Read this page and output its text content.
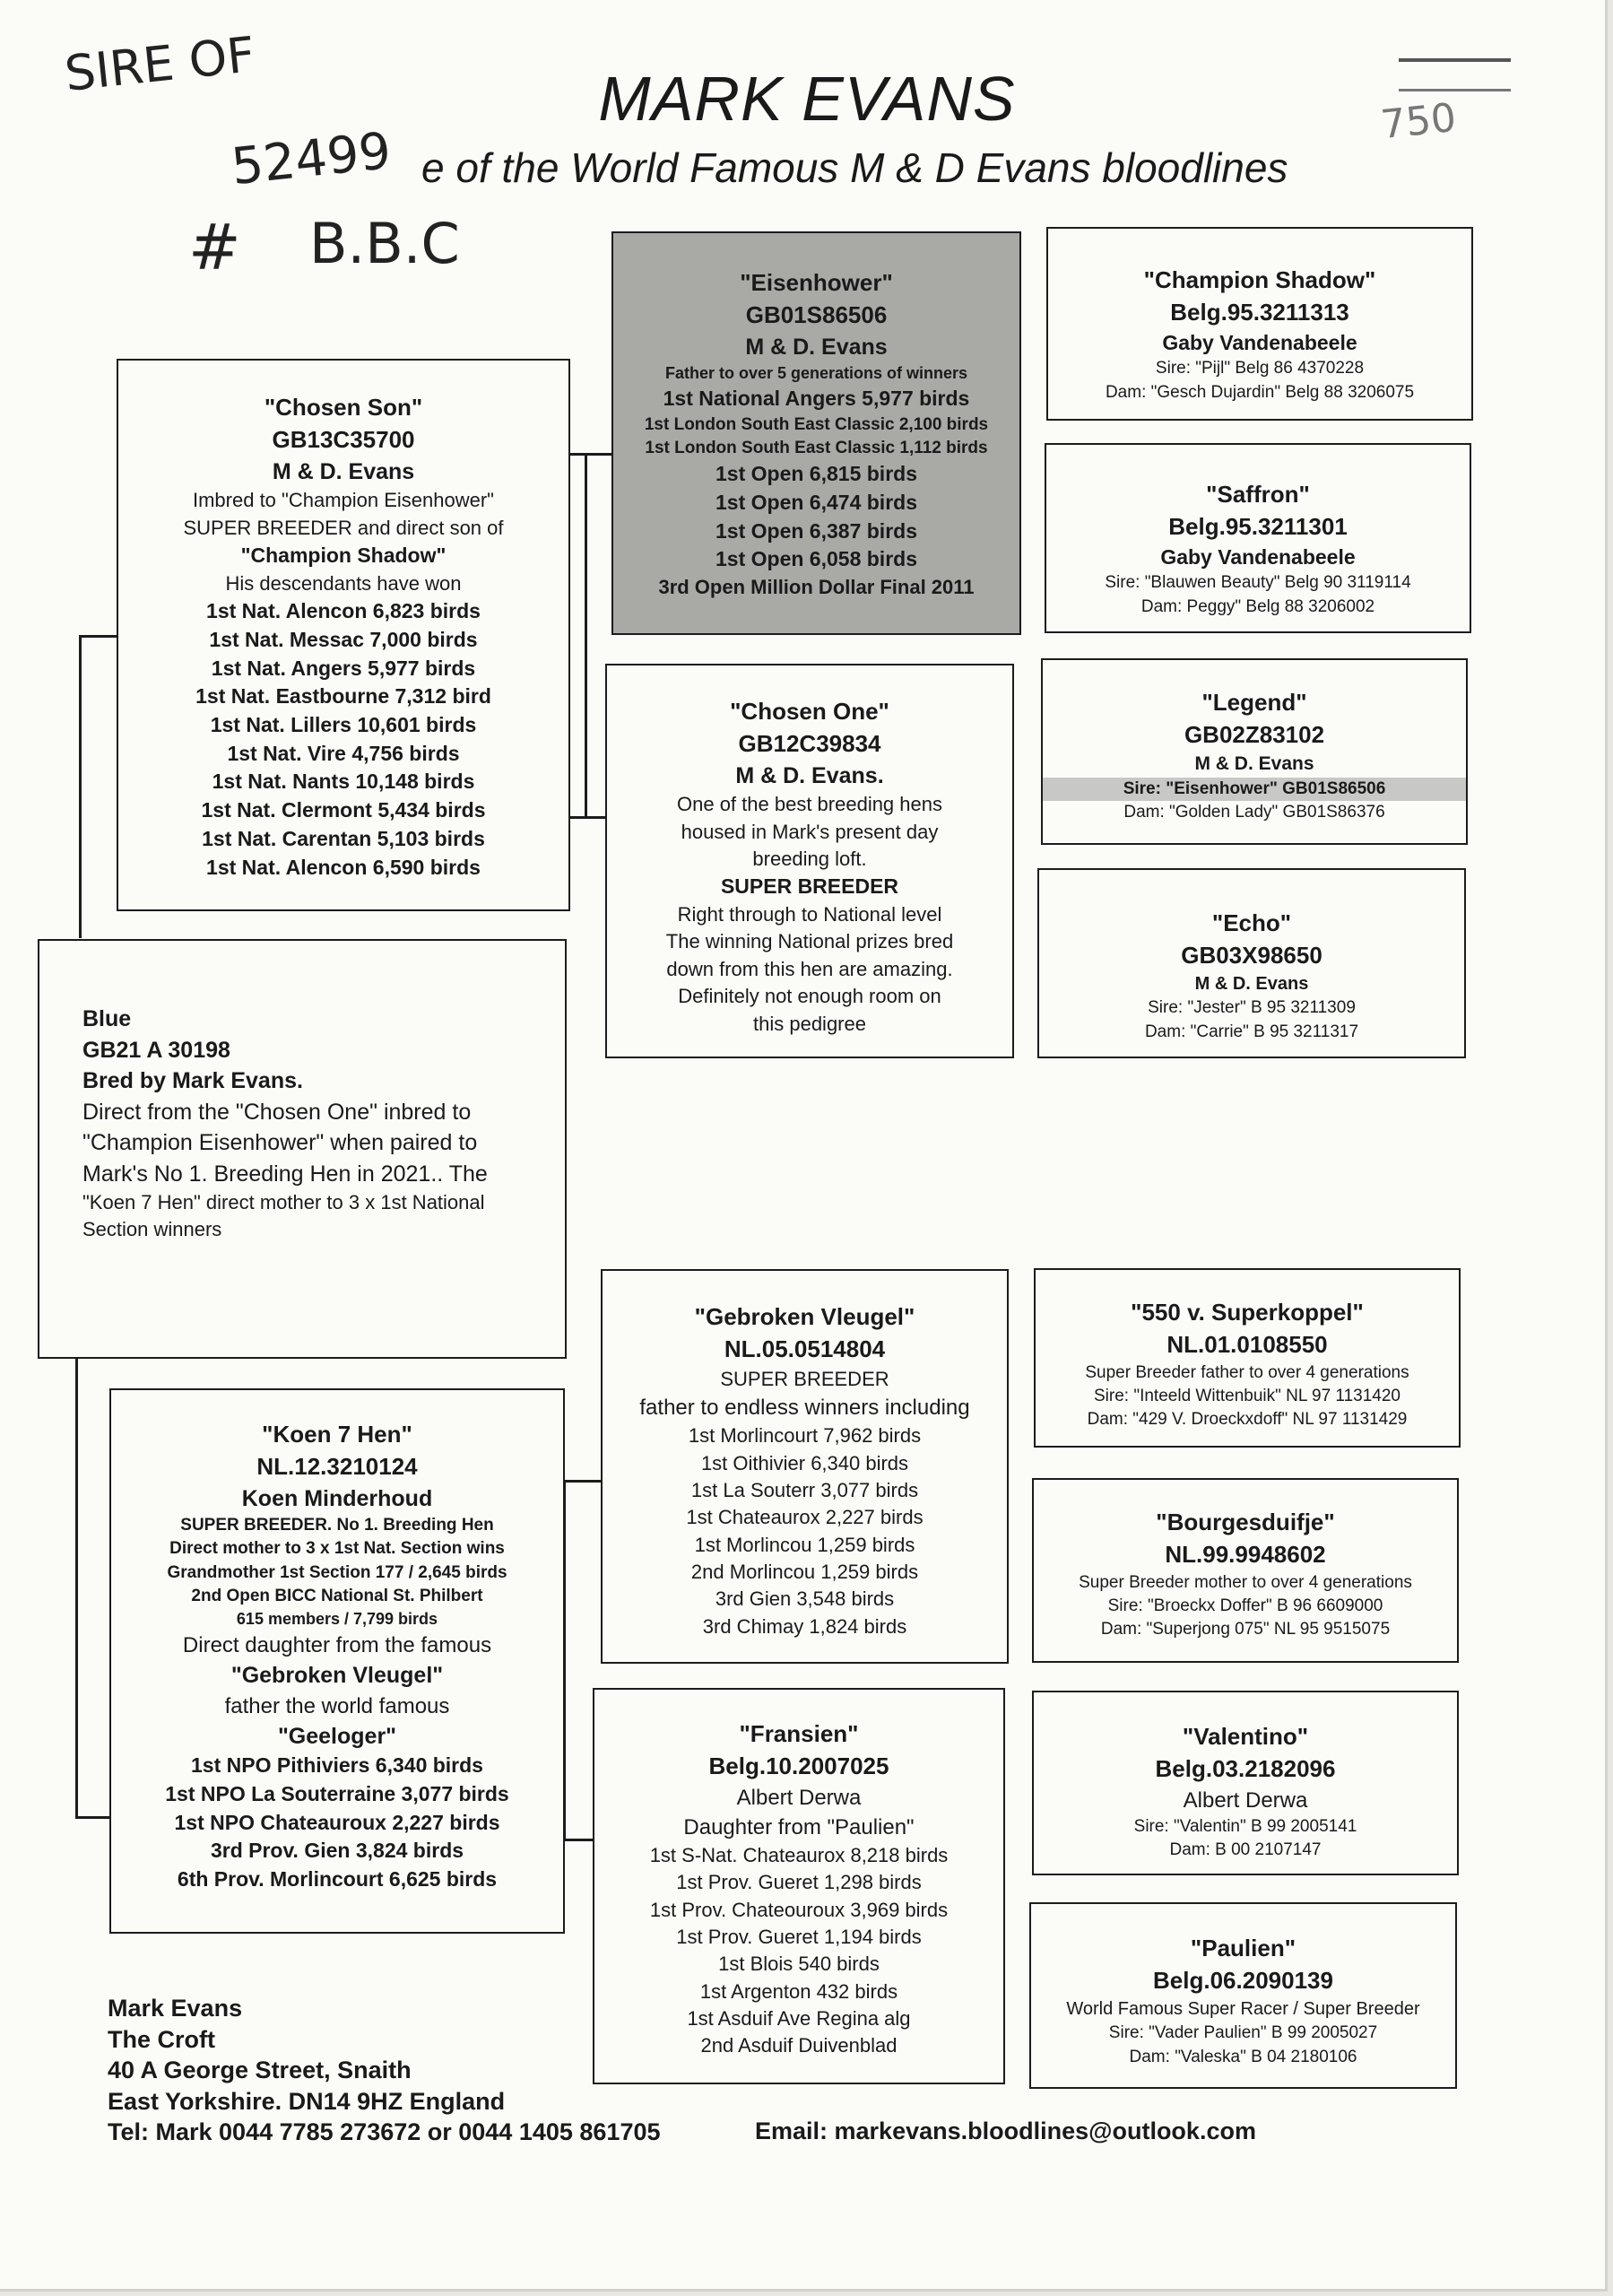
SIRE OF
52499
B.B.C
#
750
MARK EVANS
e of the World Famous M & D Evans bloodlines
Blue
GB21 A 30198
Bred by Mark Evans.
Direct from the "Chosen One" inbred to
"Champion Eisenhower" when paired to
Mark's No 1. Breeding Hen in 2021.. The
"Koen 7 Hen" direct mother to 3 x 1st National
Section winners
"Chosen Son"
GB13C35700
M & D. Evans
Imbred to "Champion Eisenhower"
SUPER BREEDER and direct son of
"Champion Shadow"
His descendants have won
1st Nat. Alencon 6,823 birds
1st Nat. Messac 7,000 birds
1st Nat. Angers 5,977 birds
1st Nat. Eastbourne 7,312 bird
1st Nat. Lillers 10,601 birds
1st Nat. Vire 4,756 birds
1st Nat. Nants 10,148 birds
1st Nat. Clermont 5,434 birds
1st Nat. Carentan 5,103 birds
1st Nat. Alencon 6,590 birds
"Koen 7 Hen"
NL.12.3210124
Koen Minderhoud
SUPER BREEDER. No 1. Breeding Hen
Direct mother to 3 x 1st Nat. Section wins
Grandmother 1st Section 177 / 2,645 birds
2nd Open BICC National St. Philbert
615 members / 7,799 birds
Direct daughter from the famous
"Gebroken Vleugel"
father the world famous
"Geeloger"
1st NPO Pithiviers 6,340 birds
1st NPO La Souterraine 3,077 birds
1st NPO Chateauroux 2,227 birds
3rd Prov. Gien 3,824 birds
6th Prov. Morlincourt 6,625 birds
"Eisenhower"
GB01S86506
M & D. Evans
Father to over 5 generations of winners
1st National Angers 5,977 birds
1st London South East Classic 2,100 birds
1st London South East Classic 1,112 birds
1st Open 6,815 birds
1st Open 6,474 birds
1st Open 6,387 birds
1st Open 6,058 birds
3rd Open Million Dollar Final 2011
"Chosen One"
GB12C39834
M & D. Evans.
One of the best breeding hens
housed in Mark's present day
breeding loft.
SUPER BREEDER
Right through to National level
The winning National prizes bred
down from this hen are amazing.
Definitely not enough room on
this pedigree
"Gebroken Vleugel"
NL.05.0514804
SUPER BREEDER
father to endless winners including
1st Morlincourt 7,962 birds
1st Oithivier 6,340 birds
1st La Souterr 3,077 birds
1st Chateaurox 2,227 birds
1st Morlincou 1,259 birds
2nd Morlincou 1,259 birds
3rd Gien 3,548 birds
3rd Chimay 1,824 birds
"Fransien"
Belg.10.2007025
Albert Derwa
Daughter from "Paulien"
1st S-Nat. Chateaurox 8,218 birds
1st Prov. Gueret 1,298 birds
1st Prov. Chateouroux 3,969 birds
1st Prov. Gueret 1,194 birds
1st Blois 540 birds
1st Argenton 432 birds
1st Asduif Ave Regina alg
2nd Asduif Duivenblad
"Champion Shadow"
Belg.95.3211313
Gaby Vandenabeele
Sire: "Pijl" Belg 86 4370228
Dam: "Gesch Dujardin" Belg 88 3206075
"Saffron"
Belg.95.3211301
Gaby Vandenabeele
Sire: "Blauwen Beauty" Belg 90 3119114
Dam: Peggy" Belg 88 3206002
"Legend"
GB02Z83102
M & D. Evans
Sire: "Eisenhower" GB01S86506
Dam: "Golden Lady" GB01S86376
"Echo"
GB03X98650
M & D. Evans
Sire: "Jester" B 95 3211309
Dam: "Carrie" B 95 3211317
"550 v. Superkoppel"
NL.01.0108550
Super Breeder father to over 4 generations
Sire: "Inteeld Wittenbuik" NL 97 1131420
Dam: "429 V. Droeckxdoff" NL 97 1131429
"Bourgesduifje"
NL.99.9948602
Super Breeder mother to over 4 generations
Sire: "Broeckx Doffer" B 96 6609000
Dam: "Superjong 075" NL 95 9515075
"Valentino"
Belg.03.2182096
Albert Derwa
Sire: "Valentin" B 99 2005141
Dam: B 00 2107147
"Paulien"
Belg.06.2090139
World Famous Super Racer / Super Breeder
Sire: "Vader Paulien" B 99 2005027
Dam: "Valeska" B 04 2180106
Mark Evans
The Croft
40 A George Street, Snaith
East Yorkshire. DN14 9HZ England
Tel: Mark 0044 7785 273672 or 0044 1405 861705	Email: markevans.bloodlines@outlook.com
